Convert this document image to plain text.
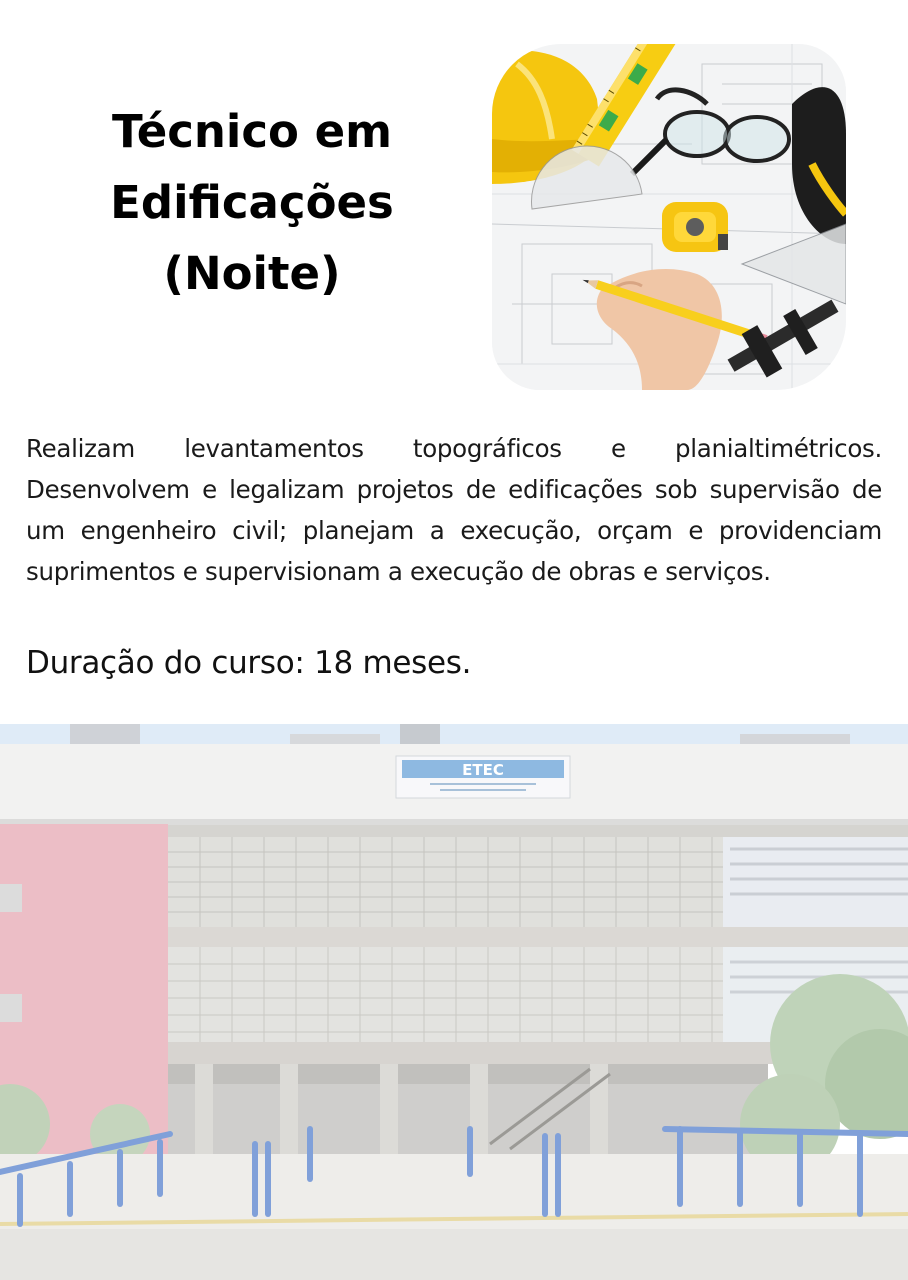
Técnico em
Edificações
(Noite)

Realizam levantamentos topográficos e planialtimétricos. Desenvolvem e legalizam projetos de edificações sob supervisão de um engenheiro civil; planejam a execução, orçam e providenciam suprimentos e supervisionam a execução de obras e serviços.

Duração do curso: 18 meses.

ETEC
